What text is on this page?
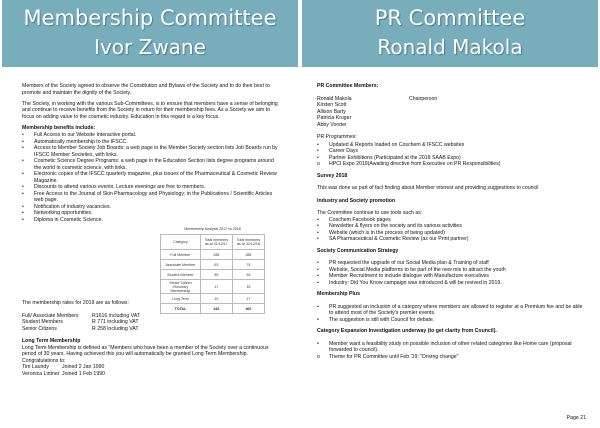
Membership Committee
Ivor Zwane

Members of the Society agreed to observe the Constitution and Bylaws of the Society and to do their best to promote and maintain the dignity of the Society.

The Society, in working with the various Sub-Committees, is to ensure that members have a sense of belonging and continue to receive benefits from the Society in return for their membership fees. As a Society we aim to focus on adding value to the cosmetic industry. Education in this regard is a key focus.

Membership benefits include:

• Full Access to our Website Interactive portal.
• Automatically membership to the IFSCC.
• Access to Member Society Job Boards: a web page in the Member Society section lists Job Boards run by IFSCC Member Societies, with links.
• Cosmetic Science Degree Programs: a web page in the Education Section lists degree programs around the world in cosmetic science, with links.
• Electronic copies of the IFSCC quarterly magazine, plus issues of the Pharmaceutical & Cosmetic Review Magazine.
• Discounts to attend various events. Lecture evenings are free to members.
• Free Access to the Journal of Skin Pharmacology and Physiology: in the Publications / Scientific Articles web page.
• Notification of industry vacancies.
• Networking opportunities.
• Diploma in Cosmetic Science.

The membership rates for 2019 are as follows:

Full/ Associate Members	R1616 including VAT
Student Members	R 771 including VAT
Senior Citizens	R 258 including VAT

Long Term Membership

Long Term Membership is defined as "Members who have been a member of the Society over a continuous period of 30 years. Having achieved this you will automatically be granted Long Term Membership. Congratulations to:

Tim Laundy	Joined 2 Jan 1990
Veronica Lintner Joined 1 Feb 1990
Membership Analysis 2017 vs 2018
Category	Total members as at 31/12/17	Total members as at 31/12/18
Full Member	288	288
Associate Member	63	74
Student Member	59	63
Senior Citizen /Honorary Membership	17	15
Long Term	10	17
TOTAL	446	460
PR Committee
Ronald Makola

PR Committee Members:

Ronald Makola	Chairperson
Kirsten Scott
Allison Barty
Patricia Kruger
Abby Vorster

PR Programmes:

• Updated & Reports loaded on Coschem & IFSCC websites
• Career Days
• Partner Exhibitions (Participated at the 2018 SAAB Expo)
o HPCI Expo 2019(Awaiting directive from Executive on PR Responsibilities)

Survey 2018

This was done as part of fact finding about Member interest and providing suggestions to council

Industry and Society promotion

The Committee continue to use tools such as:

• Coschem Facebook pages
• Newsletter & flyers on the society and its various activities
• Website (which is in the process of being updated)
• SA Pharmaceutical & Cosmetic Review (as our Print partner)

Society Communication Strategy

• PR requested the upgrade of our Social Media plan & Training of staff
• Website, Social Media platforms to be part of the new mix to attract the youth
• Member Recruitment to include dialogue with Manufacture executives
• Industry: Did You Know campaign was introduced & will be revived in 2019.

Membership Plus

• PR suggested an inclusion of a category where members are allowed to register at a Premium fee and be able to attend most of the Society's premier events.
• The suggestion is still with Council for debate.

Category Expansion Investigation underway (to get clarity from Council).

• Member want a feasibility study on possible inclusion of other related categories like Home care (proposal forwarded to council).
o Theme for PR Committee until Feb '19: "Driving change"
Page 21
